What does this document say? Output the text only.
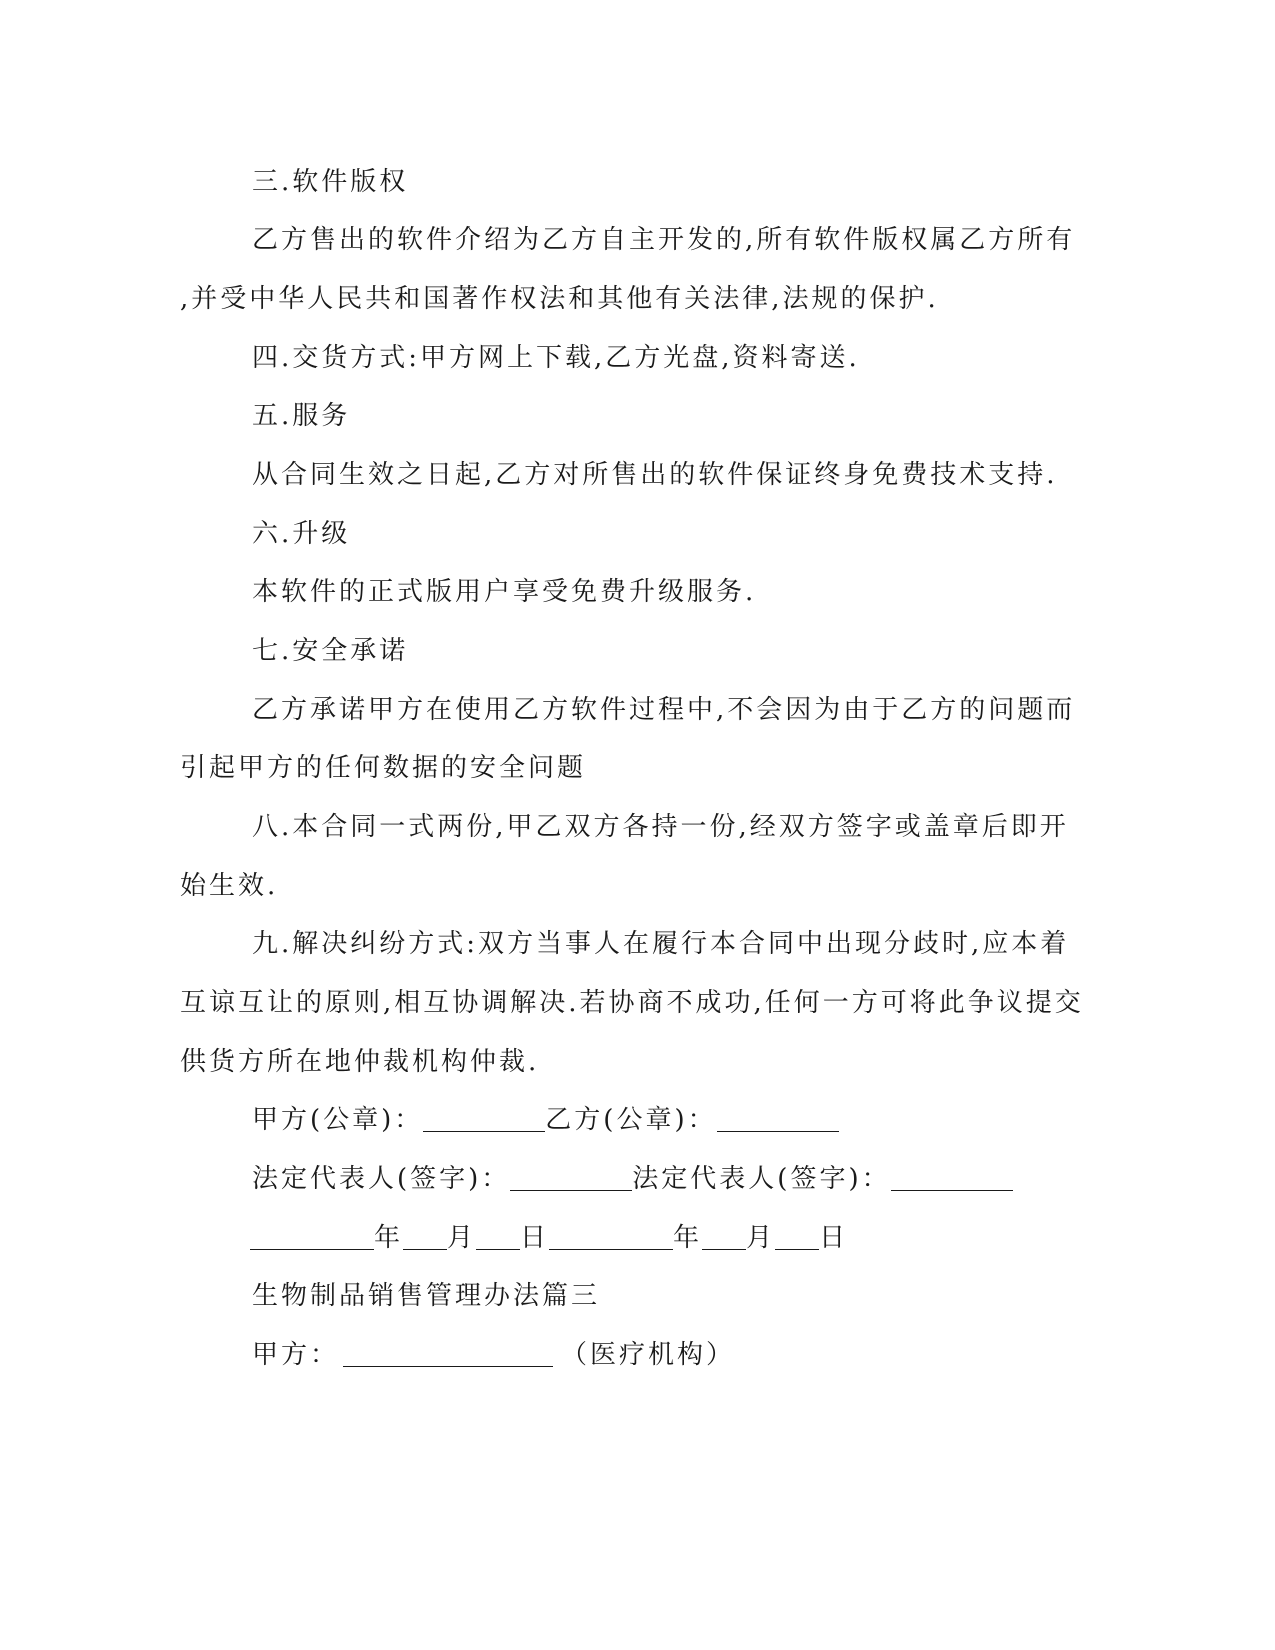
三.软件版权
乙方售出的软件介绍为乙方自主开发的,所有软件版权属乙方所有
,并受中华人民共和国著作权法和其他有关法律,法规的保护.
四.交货方式:甲方网上下载,乙方光盘,资料寄送.
五.服务
从合同生效之日起,乙方对所售出的软件保证终身免费技术支持.
六.升级
本软件的正式版用户享受免费升级服务.
七.安全承诺
乙方承诺甲方在使用乙方软件过程中,不会因为由于乙方的问题而
引起甲方的任何数据的安全问题
八.本合同一式两份,甲乙双方各持一份,经双方签字或盖章后即开
始生效.
九.解决纠纷方式:双方当事人在履行本合同中出现分歧时,应本着
互谅互让的原则,相互协调解决.若协商不成功,任何一方可将此争议提交
供货方所在地仲裁机构仲裁.
甲方(公章)：	乙方(公章)：
法定代表人(签字)：	法定代表人(签字)：
年 月 日	年 月 日
生物制品销售管理办法篇三
甲方：	（医疗机构）
